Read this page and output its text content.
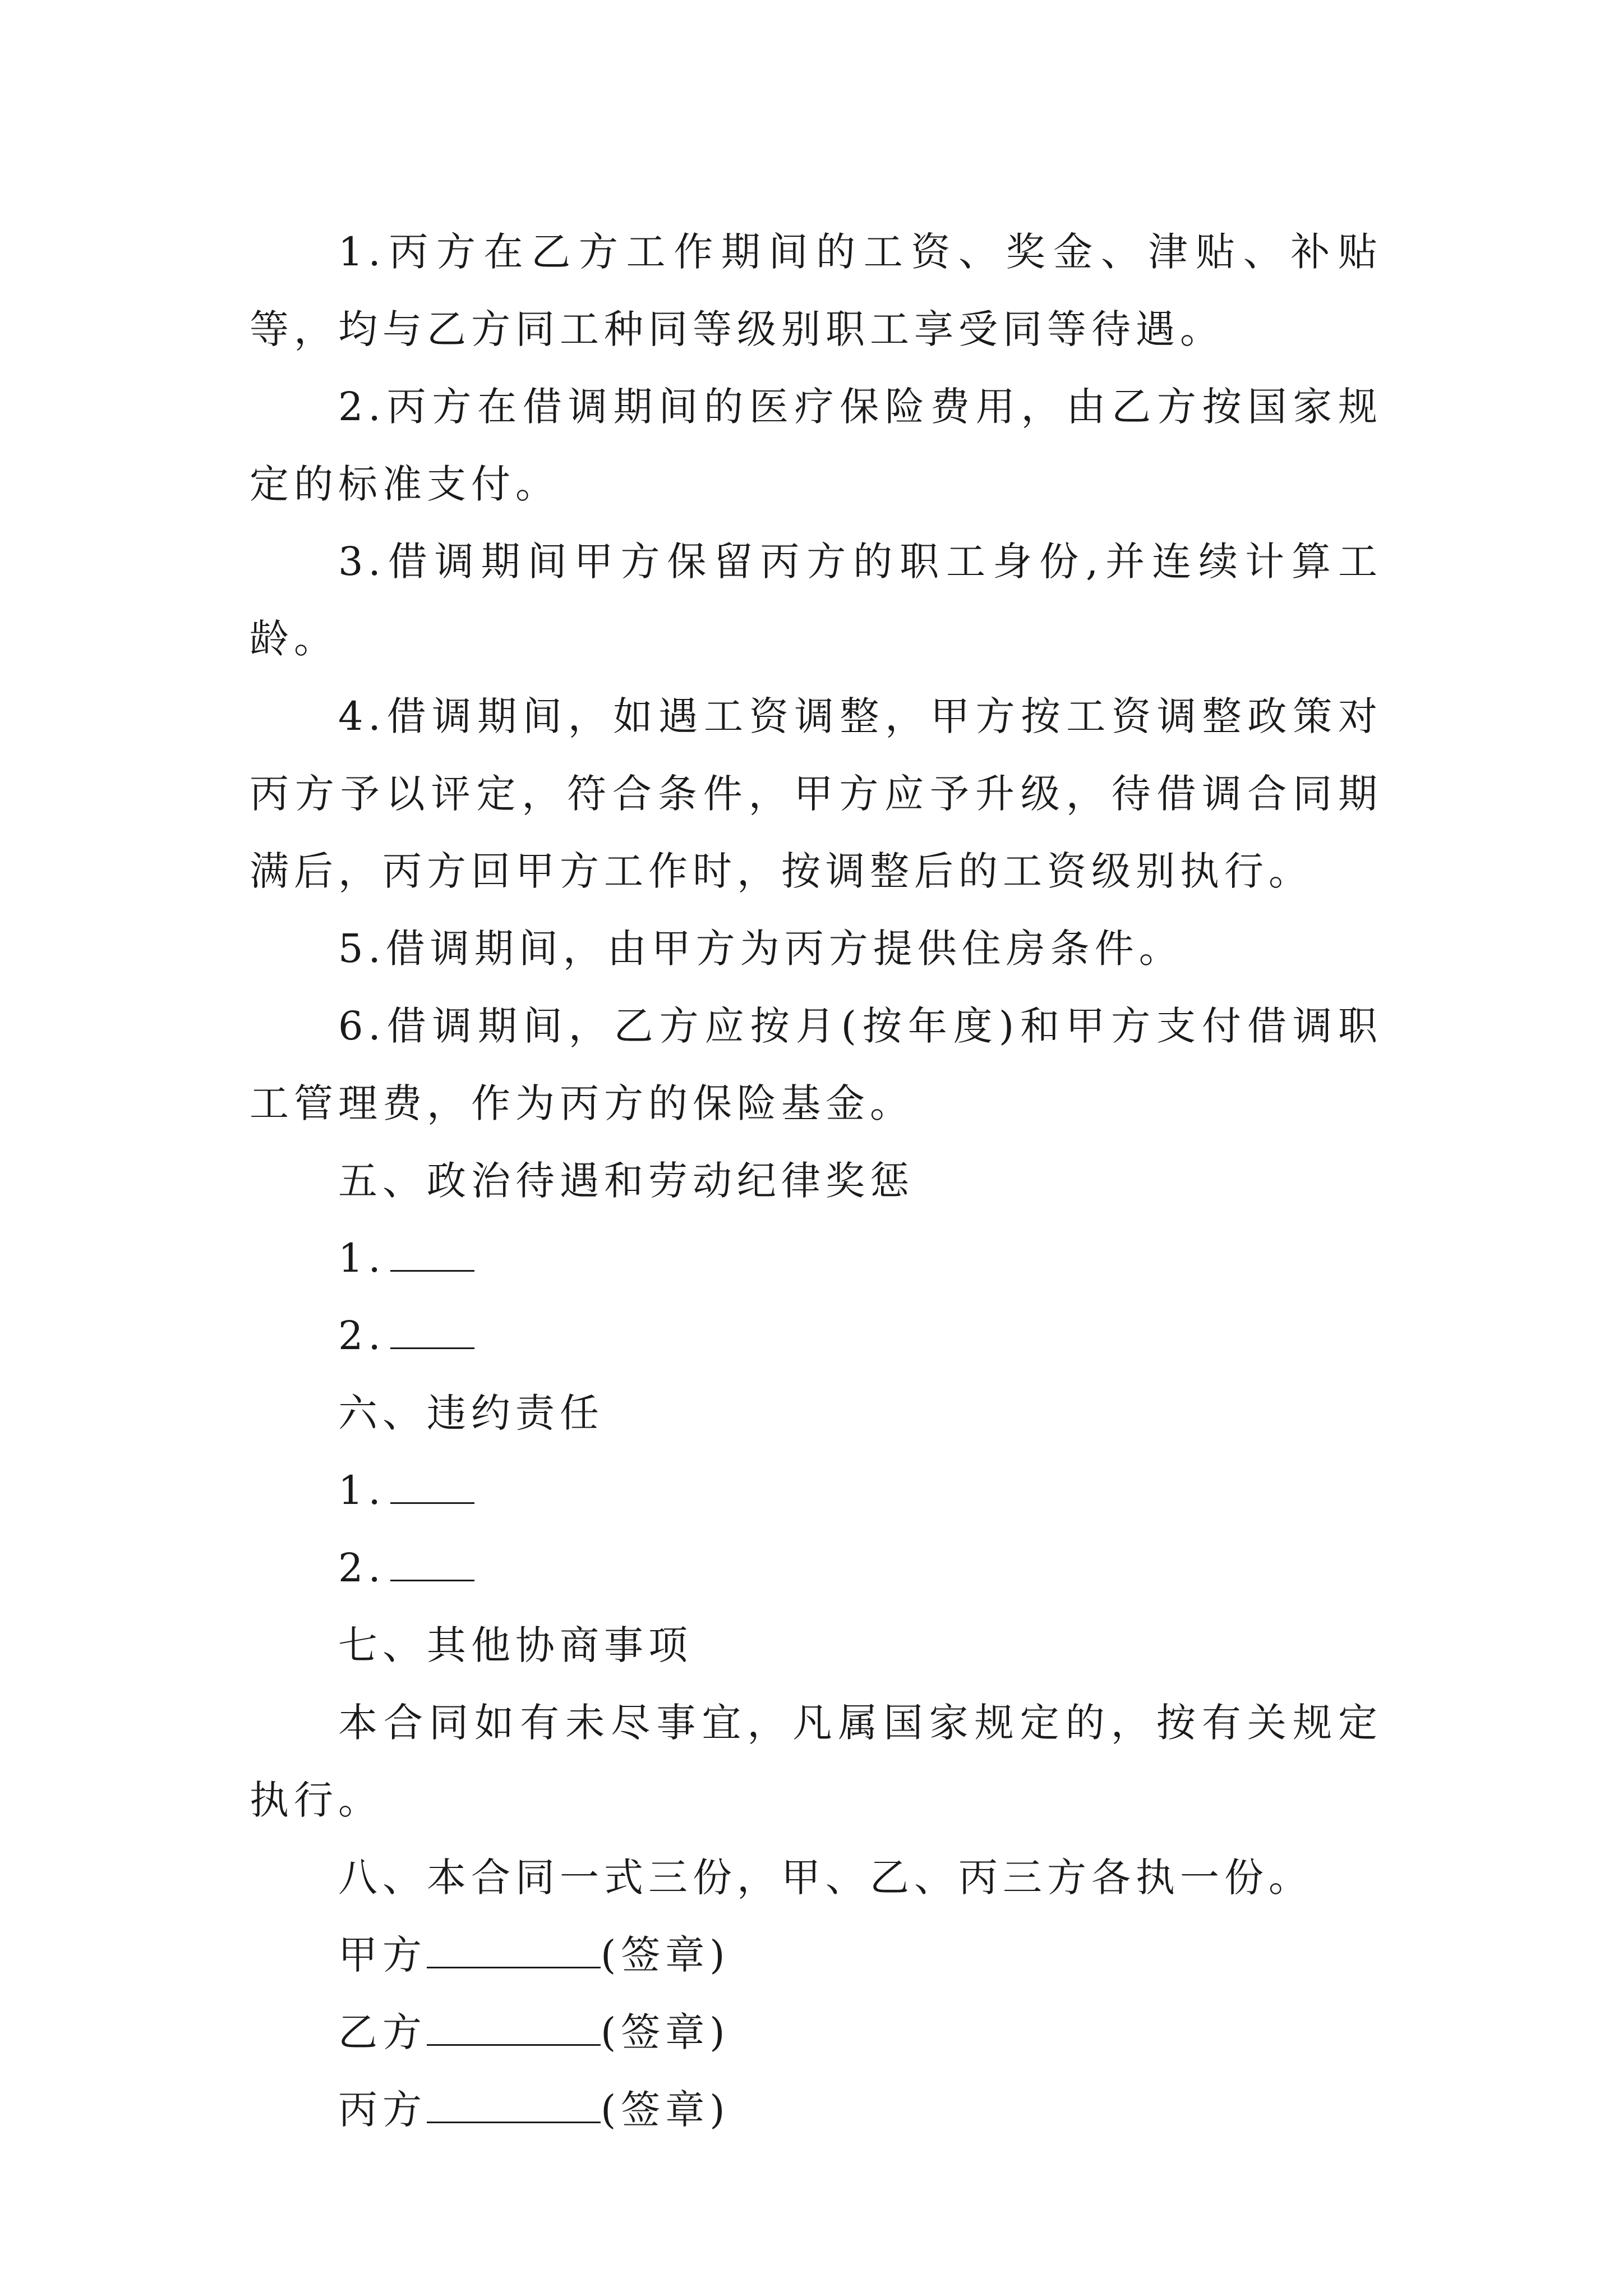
1.丙方在乙方工作期间的工资、奖金、津贴、补贴等，均与乙方同工种同等级别职工享受同等待遇。

2.丙方在借调期间的医疗保险费用，由乙方按国家规定的标准支付。

3.借调期间甲方保留丙方的职工身份,并连续计算工龄。

4.借调期间，如遇工资调整，甲方按工资调整政策对丙方予以评定，符合条件，甲方应予升级，待借调合同期满后，丙方回甲方工作时，按调整后的工资级别执行。

5.借调期间，由甲方为丙方提供住房条件。

6.借调期间，乙方应按月(按年度)和甲方支付借调职工管理费，作为丙方的保险基金。

五、政治待遇和劳动纪律奖惩

1.

2.

六、违约责任

1.

2.

七、其他协商事项

本合同如有未尽事宜，凡属国家规定的，按有关规定执行。

八、本合同一式三份，甲、乙、丙三方各执一份。

甲方	(签章)

乙方	(签章)

丙方	(签章)
